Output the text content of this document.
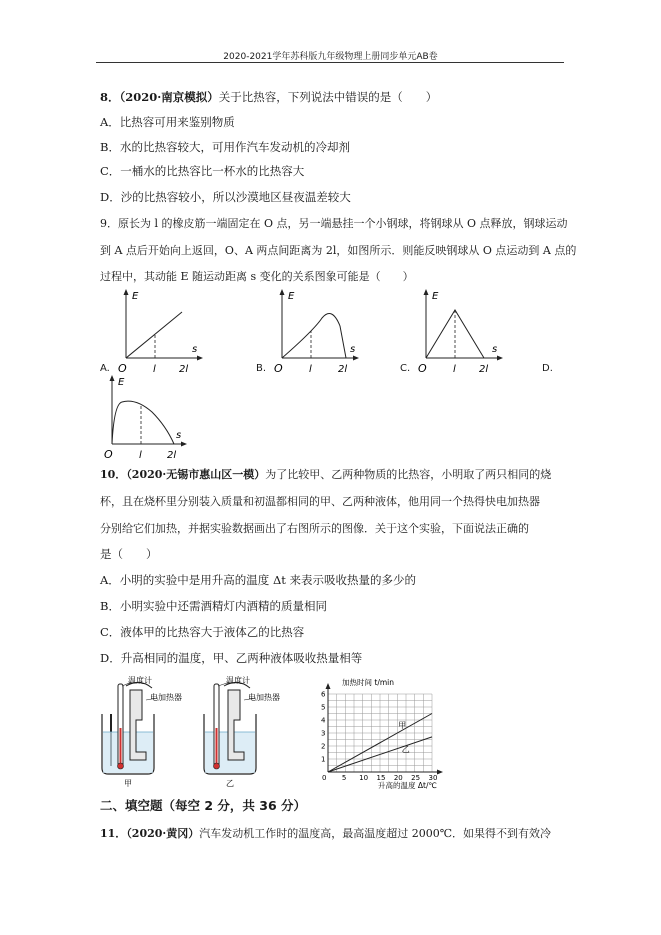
2020-2021学年苏科版九年级物理上册同步单元AB卷
8．（2020·南京模拟）关于比热容，下列说法中错误的是（　　）
A．比热容可用来鉴别物质
B．水的比热容较大，可用作汽车发动机的冷却剂
C．一桶水的比热容比一杯水的比热容大
D．沙的比热容较小，所以沙漠地区昼夜温差较大
9．原长为 l 的橡皮筋一端固定在 O 点，另一端悬挂一个小钢球，将钢球从 O 点释放，钢球运动
到 A 点后开始向上返回，O、A 两点间距离为 2l，如图所示．则能反映钢球从 O 点运动到 A 点的
过程中，其动能 E 随运动距离 s 变化的关系图象可能是（　　）
E
s
O	l 2l
A.
E
s
O	l	2l
B.
E
s
O	l 2l
C.	D.
E
s
O	l	2l
10．（2020·无锡市惠山区一模）为了比较甲、乙两种物质的比热容，小明取了两只相同的烧
杯，且在烧杯里分别装入质量和初温都相同的甲、乙两种液体，他用同一个热得快电加热器
分别给它们加热，并据实验数据画出了右图所示的图像．关于这个实验，下面说法正确的
是（　　）
A．小明的实验中是用升高的温度 Δt 来表示吸收热量的多少的
B．小明实验中还需酒精灯内酒精的质量相同
C．液体甲的比热容大于液体乙的比热容
D．升高相同的温度，甲、乙两种液体吸收热量相等
温度计
电加热器
甲
温度计
电加热器
乙
甲
乙
0 5 10 15 20 25 30
1
2
3
4
5
6
加热时间 t/min
升高的温度 Δt/℃
二、填空题（每空 2 分，共 36 分）
11．（2020·黄冈）汽车发动机工作时的温度高，最高温度超过 2000℃．如果得不到有效冷
